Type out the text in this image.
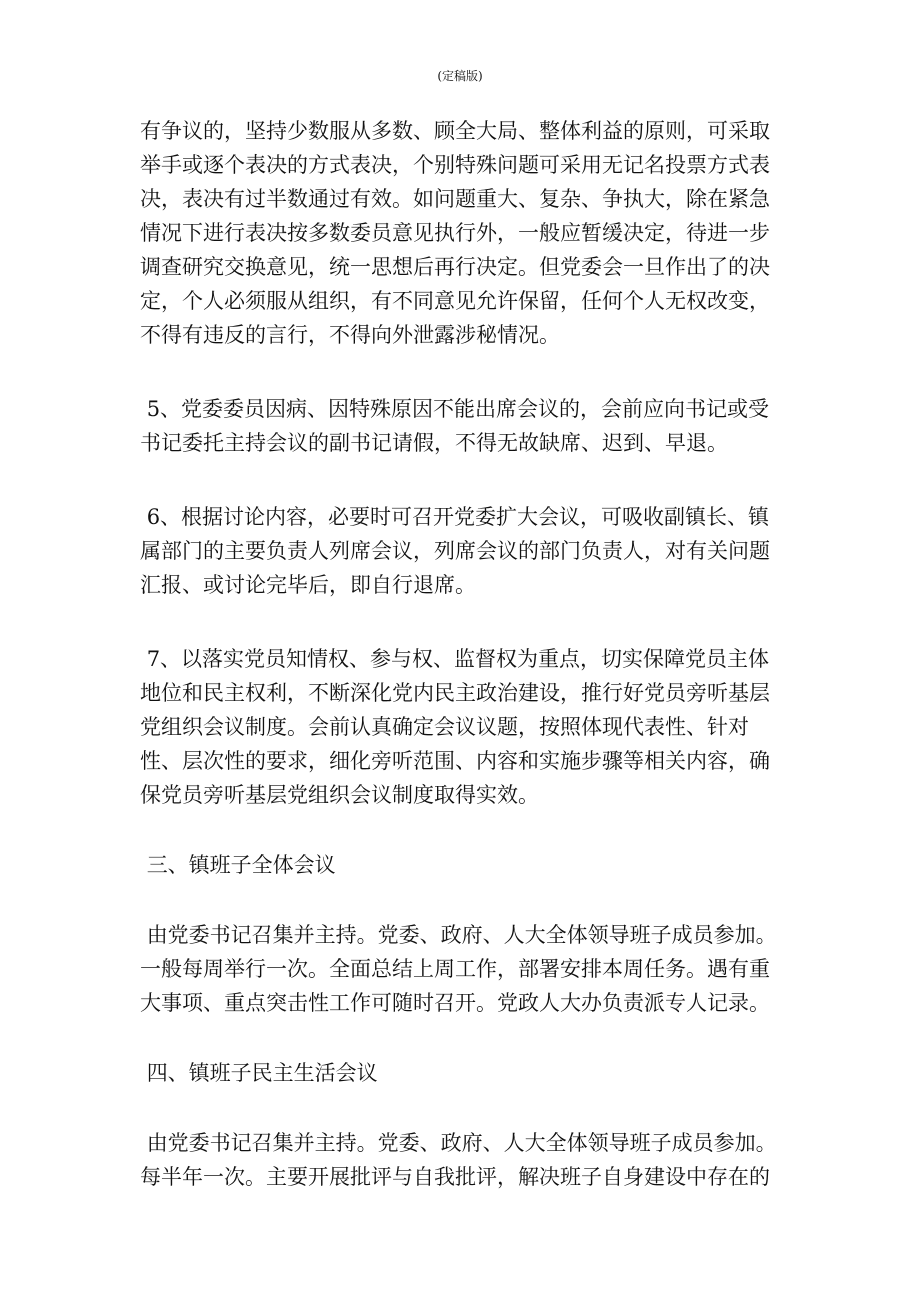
(定稿版)

有争议的，坚持少数服从多数、顾全大局、整体利益的原则，可采取举手或逐个表决的方式表决，个别特殊问题可采用无记名投票方式表决，表决有过半数通过有效。如问题重大、复杂、争执大，除在紧急情况下进行表决按多数委员意见执行外，一般应暂缓决定，待进一步调查研究交换意见，统一思想后再行决定。但党委会一旦作出了的决定，个人必须服从组织，有不同意见允许保留，任何个人无权改变，不得有违反的言行，不得向外泄露涉秘情况。

5、党委委员因病、因特殊原因不能出席会议的，会前应向书记或受书记委托主持会议的副书记请假，不得无故缺席、迟到、早退。

6、根据讨论内容，必要时可召开党委扩大会议，可吸收副镇长、镇属部门的主要负责人列席会议，列席会议的部门负责人，对有关问题汇报、或讨论完毕后，即自行退席。

7、以落实党员知情权、参与权、监督权为重点，切实保障党员主体地位和民主权利，不断深化党内民主政治建设，推行好党员旁听基层党组织会议制度。会前认真确定会议议题，按照体现代表性、针对性、层次性的要求，细化旁听范围、内容和实施步骤等相关内容，确保党员旁听基层党组织会议制度取得实效。

三、镇班子全体会议

由党委书记召集并主持。党委、政府、人大全体领导班子成员参加。一般每周举行一次。全面总结上周工作，部署安排本周任务。遇有重大事项、重点突击性工作可随时召开。党政人大办负责派专人记录。

四、镇班子民主生活会议

由党委书记召集并主持。党委、政府、人大全体领导班子成员参加。每半年一次。主要开展批评与自我批评，解决班子自身建设中存在的
